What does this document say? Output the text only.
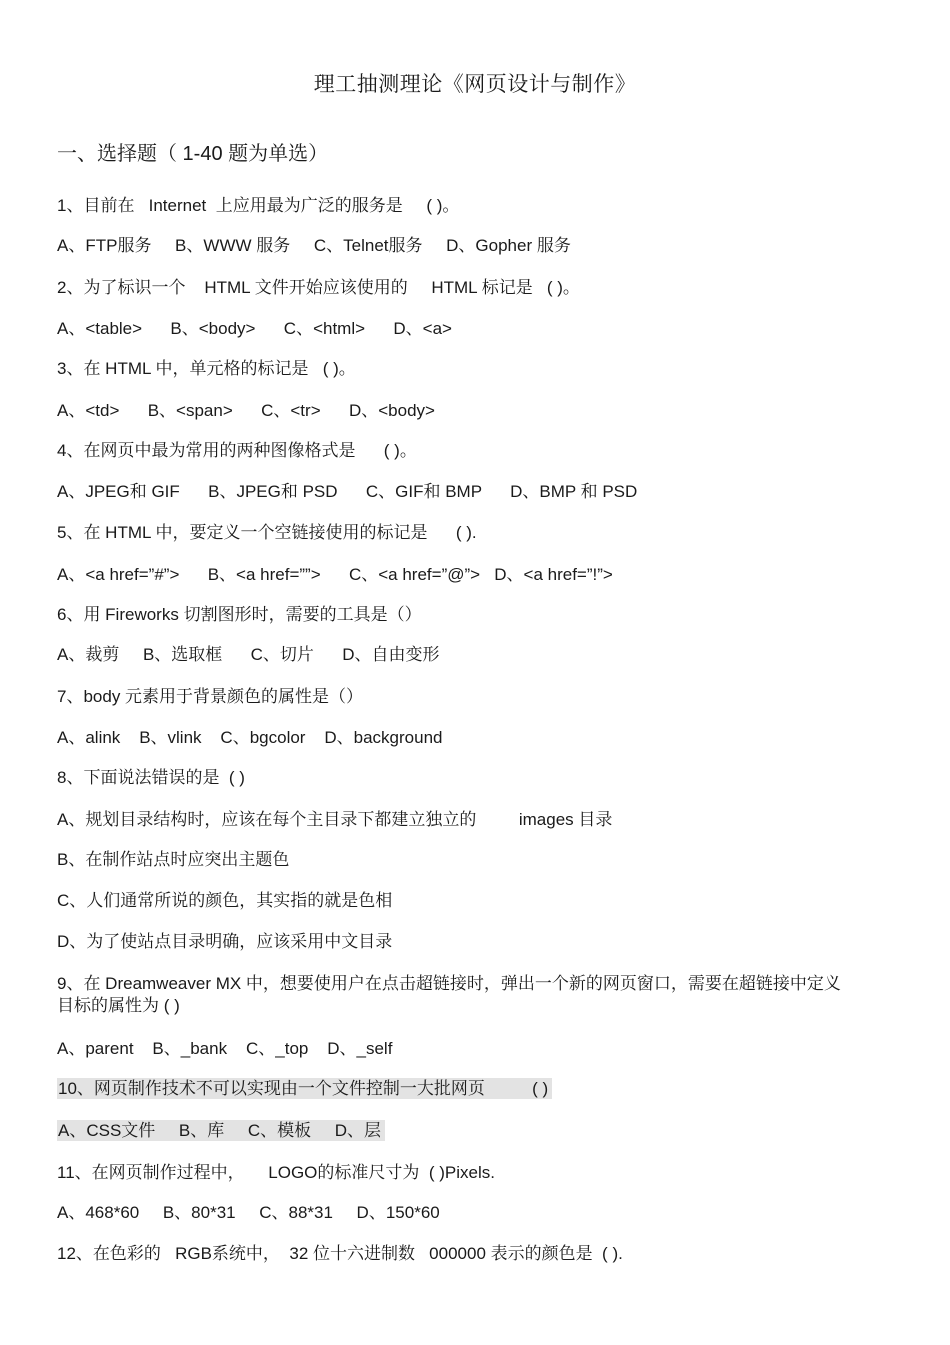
理工抽测理论《网页设计与制作》
一、选择题（ 1-40 题为单选）
1、目前在   Internet  上应用最为广泛的服务是     ( )。
A、FTP服务     B、WWW 服务     C、Telnet服务     D、Gopher 服务
2、为了标识一个    HTML 文件开始应该使用的     HTML 标记是   ( )。
A、<table>      B、<body>      C、<html>      D、<a>
3、在 HTML 中，单元格的标记是   ( )。
A、<td>      B、<span>      C、<tr>      D、<body>
4、在网页中最为常用的两种图像格式是      ( )。
A、JPEG和 GIF      B、JPEG和 PSD      C、GIF和 BMP      D、BMP 和 PSD
5、在 HTML 中，要定义一个空链接使用的标记是      ( ).
A、<a href=”#”>      B、<a href=””>      C、<a href=”@”>   D、<a href=”!”>
6、用 Fireworks 切割图形时，需要的工具是（）
A、裁剪     B、选取框      C、切片      D、自由变形
7、body 元素用于背景颜色的属性是（）
A、alink    B、vlink    C、bgcolor    D、background
8、下面说法错误的是  ( )
A、规划目录结构时，应该在每个主目录下都建立独立的         images 目录
B、在制作站点时应突出主题色
C、人们通常所说的颜色，其实指的就是色相
D、为了使站点目录明确，应该采用中文目录
9、在 Dreamweaver MX 中，想要使用户在点击超链接时，弹出一个新的网页窗口，需要在超链接中定义目标的属性为 ( )
A、parent    B、_bank    C、_top    D、_self
10、网页制作技术不可以实现由一个文件控制一大批网页          ( )
A、CSS文件     B、库     C、模板     D、层
11、在网页制作过程中，     LOGO的标准尺寸为  ( )Pixels.
A、468*60     B、80*31     C、88*31     D、150*60
12、在色彩的   RGB系统中，  32 位十六进制数   000000 表示的颜色是  ( ).
